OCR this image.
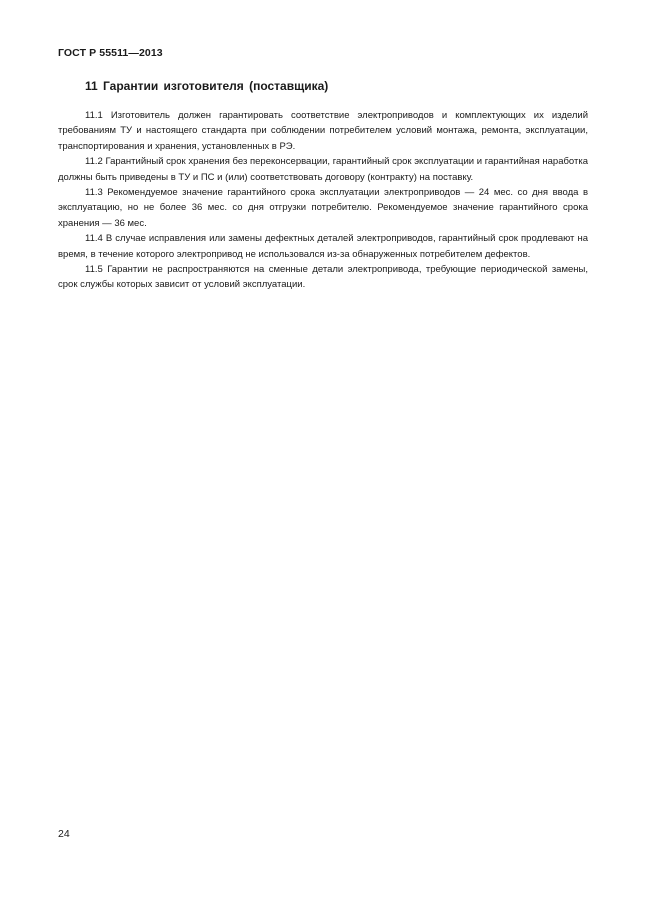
ГОСТ Р 55511—2013
11 Гарантии изготовителя (поставщика)

11.1 Изготовитель должен гарантировать соответствие электроприводов и комплектующих их изделий требованиям ТУ и настоящего стандарта при соблюдении потребителем условий монтажа, ремонта, эксплуатации, транспортирования и хранения, установленных в РЭ.

11.2 Гарантийный срок хранения без переконсервации, гарантийный срок эксплуатации и гарантийная наработка должны быть приведены в ТУ и ПС и (или) соответствовать договору (контракту) на поставку.

11.3 Рекомендуемое значение гарантийного срока эксплуатации электроприводов — 24 мес. со дня ввода в эксплуатацию, но не более 36 мес. со дня отгрузки потребителю. Рекомендуемое значение гарантийного срока хранения — 36 мес.

11.4 В случае исправления или замены дефектных деталей электроприводов, гарантийный срок продлевают на время, в течение которого электропривод не использовался из-за обнаруженных потребителем дефектов.

11.5 Гарантии не распространяются на сменные детали электропривода, требующие периодической замены, срок службы которых зависит от условий эксплуатации.

24
